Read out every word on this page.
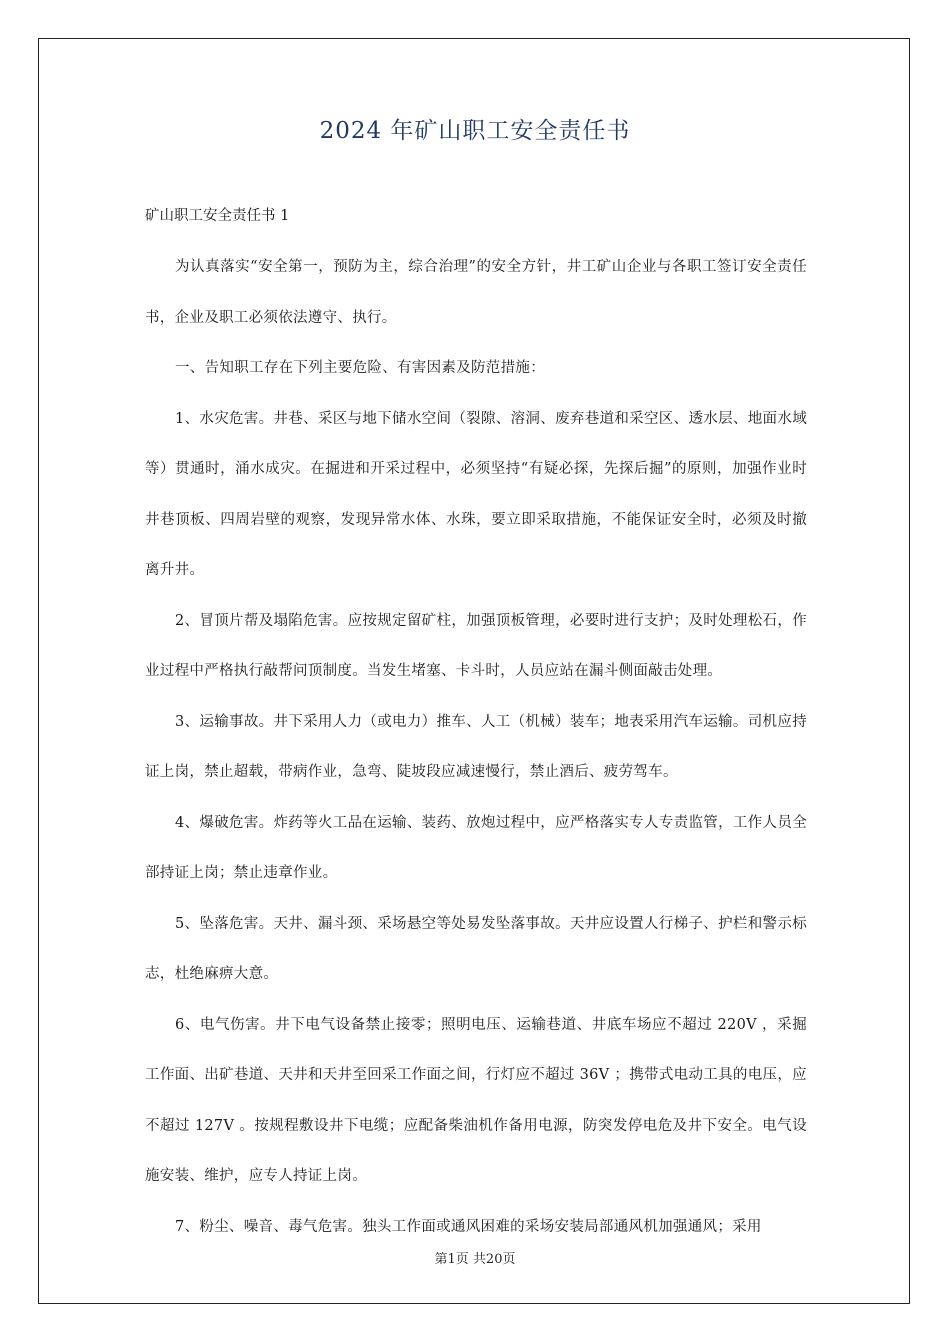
2024 年矿山职工安全责任书

矿山职工安全责任书 1

为认真落实“安全第一，预防为主，综合治理”的安全方针，井工矿山企业与各职工签订安全责任书，企业及职工必须依法遵守、执行。

一、告知职工存在下列主要危险、有害因素及防范措施：

1、水灾危害。井巷、采区与地下储水空间（裂隙、溶洞、废弃巷道和采空区、透水层、地面水域等）贯通时，涌水成灾。在掘进和开采过程中，必须坚持“有疑必探，先探后掘”的原则，加强作业时井巷顶板、四周岩壁的观察，发现异常水体、水珠，要立即采取措施，不能保证安全时，必须及时撤离升井。

2、冒顶片帮及塌陷危害。应按规定留矿柱，加强顶板管理，必要时进行支护；及时处理松石，作业过程中严格执行敲帮问顶制度。当发生堵塞、卡斗时，人员应站在漏斗侧面敲击处理。

3、运输事故。井下采用人力（或电力）推车、人工（机械）装车；地表采用汽车运输。司机应持证上岗，禁止超载，带病作业，急弯、陡坡段应减速慢行，禁止酒后、疲劳驾车。

4、爆破危害。炸药等火工品在运输、装药、放炮过程中，应严格落实专人专责监管，工作人员全部持证上岗；禁止违章作业。

5、坠落危害。天井、漏斗颈、采场悬空等处易发坠落事故。天井应设置人行梯子、护栏和警示标志，杜绝麻痹大意。

6、电气伤害。井下电气设备禁止接零；照明电压、运输巷道、井底车场应不超过 220V ，采掘工作面、出矿巷道、天井和天井至回采工作面之间，行灯应不超过 36V ；携带式电动工具的电压，应不超过 127V 。按规程敷设井下电缆；应配备柴油机作备用电源，防突发停电危及井下安全。电气设施安装、维护，应专人持证上岗。

7、粉尘、噪音、毒气危害。独头工作面或通风困难的采场安装局部通风机加强通风；采用

第1页 共20页
